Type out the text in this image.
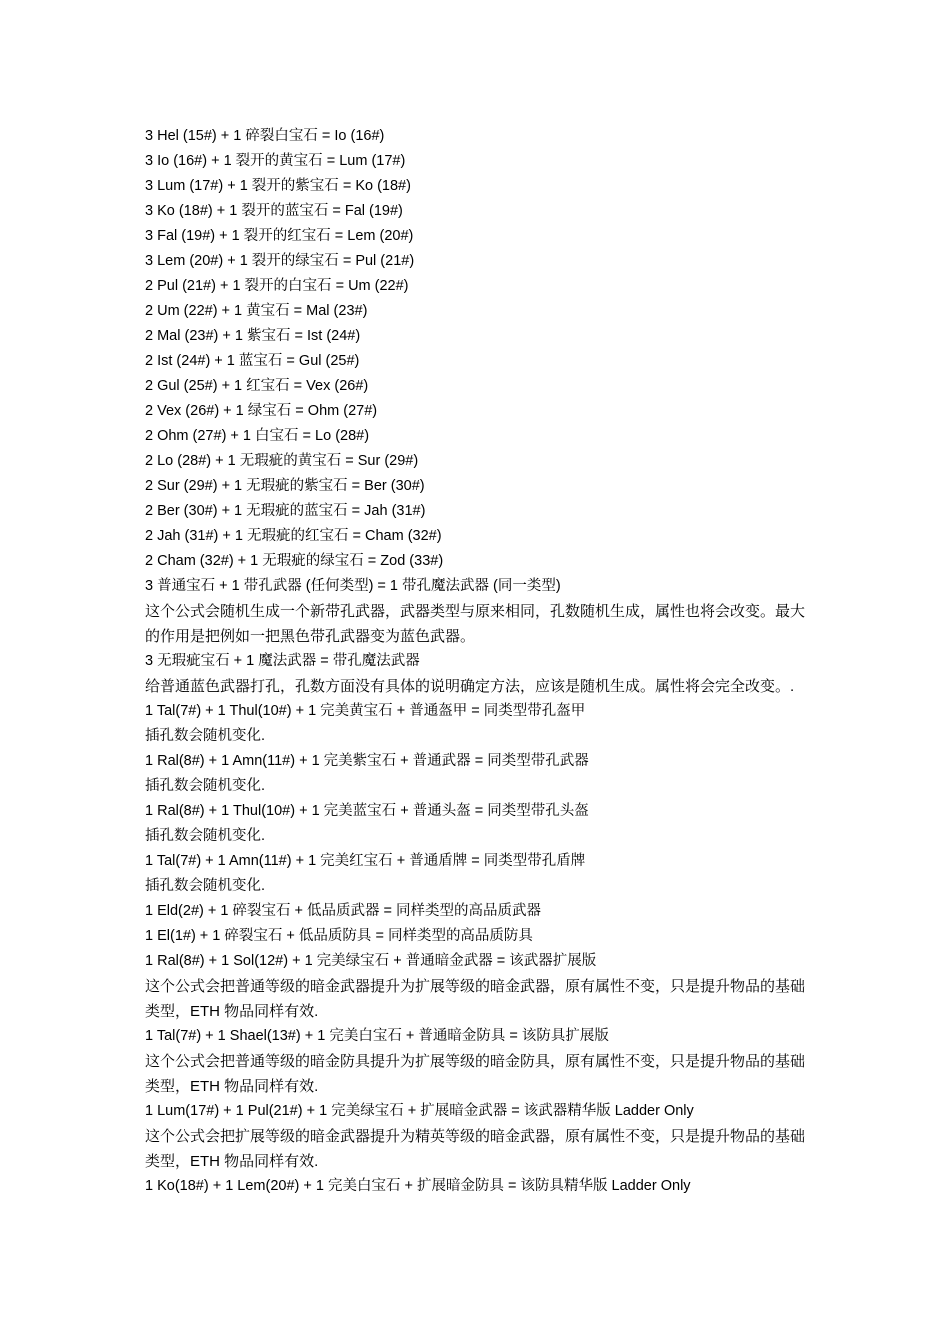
3 Hel (15#) + 1 碎裂白宝石 = Io (16#)
3 Io (16#) + 1 裂开的黄宝石 = Lum (17#)
3 Lum (17#) + 1 裂开的紫宝石 = Ko (18#)
3 Ko (18#) + 1 裂开的蓝宝石 = Fal (19#)
3 Fal (19#) + 1 裂开的红宝石 = Lem (20#)
3 Lem (20#) + 1 裂开的绿宝石 = Pul (21#)
2 Pul (21#) + 1 裂开的白宝石 = Um (22#)
2 Um (22#) + 1 黄宝石 = Mal (23#)
2 Mal (23#) + 1 紫宝石 = Ist (24#)
2 Ist (24#) + 1 蓝宝石 = Gul (25#)
2 Gul (25#) + 1 红宝石 = Vex (26#)
2 Vex (26#) + 1 绿宝石 = Ohm (27#)
2 Ohm (27#) + 1 白宝石 = Lo (28#)
2 Lo (28#) + 1 无瑕疵的黄宝石 = Sur (29#)
2 Sur (29#) + 1 无瑕疵的紫宝石 = Ber (30#)
2 Ber (30#) + 1 无瑕疵的蓝宝石 = Jah (31#)
2 Jah (31#) + 1 无瑕疵的红宝石 = Cham (32#)
2 Cham (32#) + 1 无瑕疵的绿宝石 = Zod (33#)
3 普通宝石 + 1 带孔武器 (任何类型) = 1 带孔魔法武器 (同一类型)
这个公式会随机生成一个新带孔武器，武器类型与原来相同，孔数随机生成，属性也将会改变。最大的作用是把例如一把黑色带孔武器变为蓝色武器。
3 无瑕疵宝石 + 1 魔法武器 = 带孔魔法武器
给普通蓝色武器打孔，孔数方面没有具体的说明确定方法，应该是随机生成。属性将会完全改变。.
1 Tal(7#) + 1 Thul(10#) + 1 完美黄宝石 + 普通盔甲 = 同类型带孔盔甲
插孔数会随机变化.
1 Ral(8#) + 1 Amn(11#) + 1 完美紫宝石 + 普通武器 = 同类型带孔武器
插孔数会随机变化.
1 Ral(8#) + 1 Thul(10#) + 1 完美蓝宝石 + 普通头盔 = 同类型带孔头盔
插孔数会随机变化.
1 Tal(7#) + 1 Amn(11#) + 1 完美红宝石 + 普通盾牌 = 同类型带孔盾牌
插孔数会随机变化.
1 Eld(2#) + 1 碎裂宝石 + 低品质武器 = 同样类型的高品质武器
1 El(1#) + 1 碎裂宝石 + 低品质防具 = 同样类型的高品质防具
1 Ral(8#) + 1 Sol(12#) + 1 完美绿宝石 + 普通暗金武器 = 该武器扩展版
这个公式会把普通等级的暗金武器提升为扩展等级的暗金武器，原有属性不变，只是提升物品的基础类型，ETH 物品同样有效.
1 Tal(7#) + 1 Shael(13#) + 1 完美白宝石 + 普通暗金防具 = 该防具扩展版
这个公式会把普通等级的暗金防具提升为扩展等级的暗金防具，原有属性不变，只是提升物品的基础类型，ETH 物品同样有效.
1 Lum(17#) + 1 Pul(21#) + 1 完美绿宝石 + 扩展暗金武器 = 该武器精华版 Ladder Only
这个公式会把扩展等级的暗金武器提升为精英等级的暗金武器，原有属性不变，只是提升物品的基础类型，ETH 物品同样有效.
1 Ko(18#) + 1 Lem(20#) + 1 完美白宝石 + 扩展暗金防具 = 该防具精华版 Ladder Only
